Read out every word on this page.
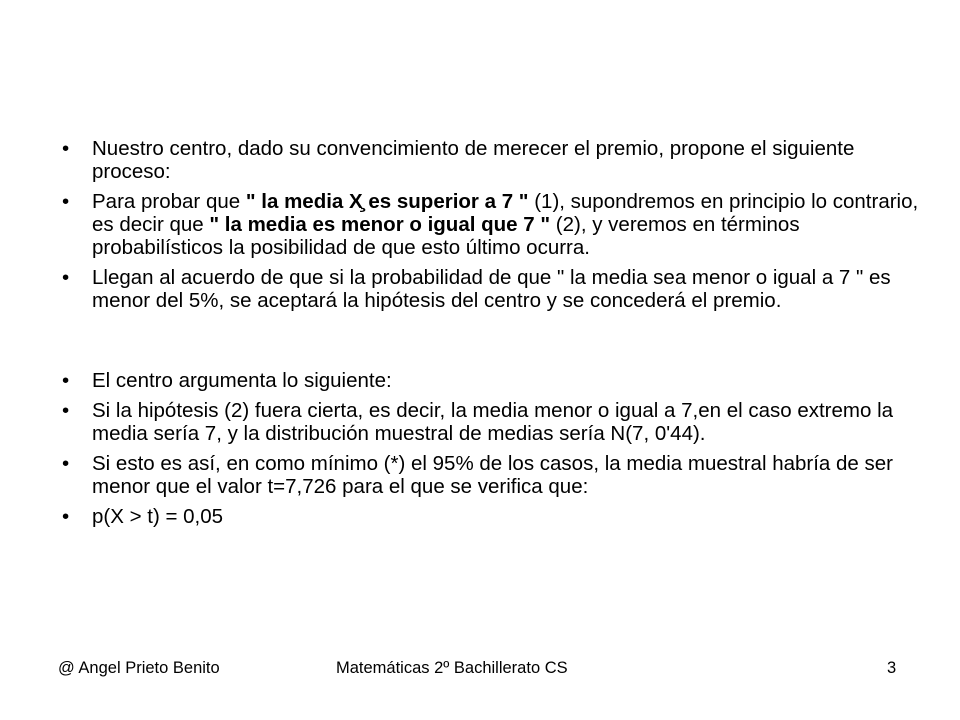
• Nuestro centro, dado su convencimiento de merecer el premio, propone el siguiente proceso:
• Para probar que " la media Χ̧ es superior a 7 " (1), supondremos en principio lo contrario, es decir que " la media es menor o igual que 7 " (2), y veremos en términos probabilísticos la posibilidad de que esto último ocurra.
• Llegan al acuerdo de que si la probabilidad de que " la media sea menor o igual a 7 " es menor del 5%, se aceptará la hipótesis del centro y se concederá el premio.
• El centro argumenta lo siguiente:
• Si la hipótesis (2) fuera cierta, es decir, la media menor o igual a 7,en el caso extremo la media sería 7, y la distribución muestral de medias sería N(7, 0'44).
• Si esto es así, en como mínimo (*) el 95% de los casos, la media muestral habría de ser menor que el valor t=7,726 para el que se verifica que:
• p(X > t) = 0,05
@ Angel Prieto Benito	Matemáticas 2º Bachillerato CS	3
